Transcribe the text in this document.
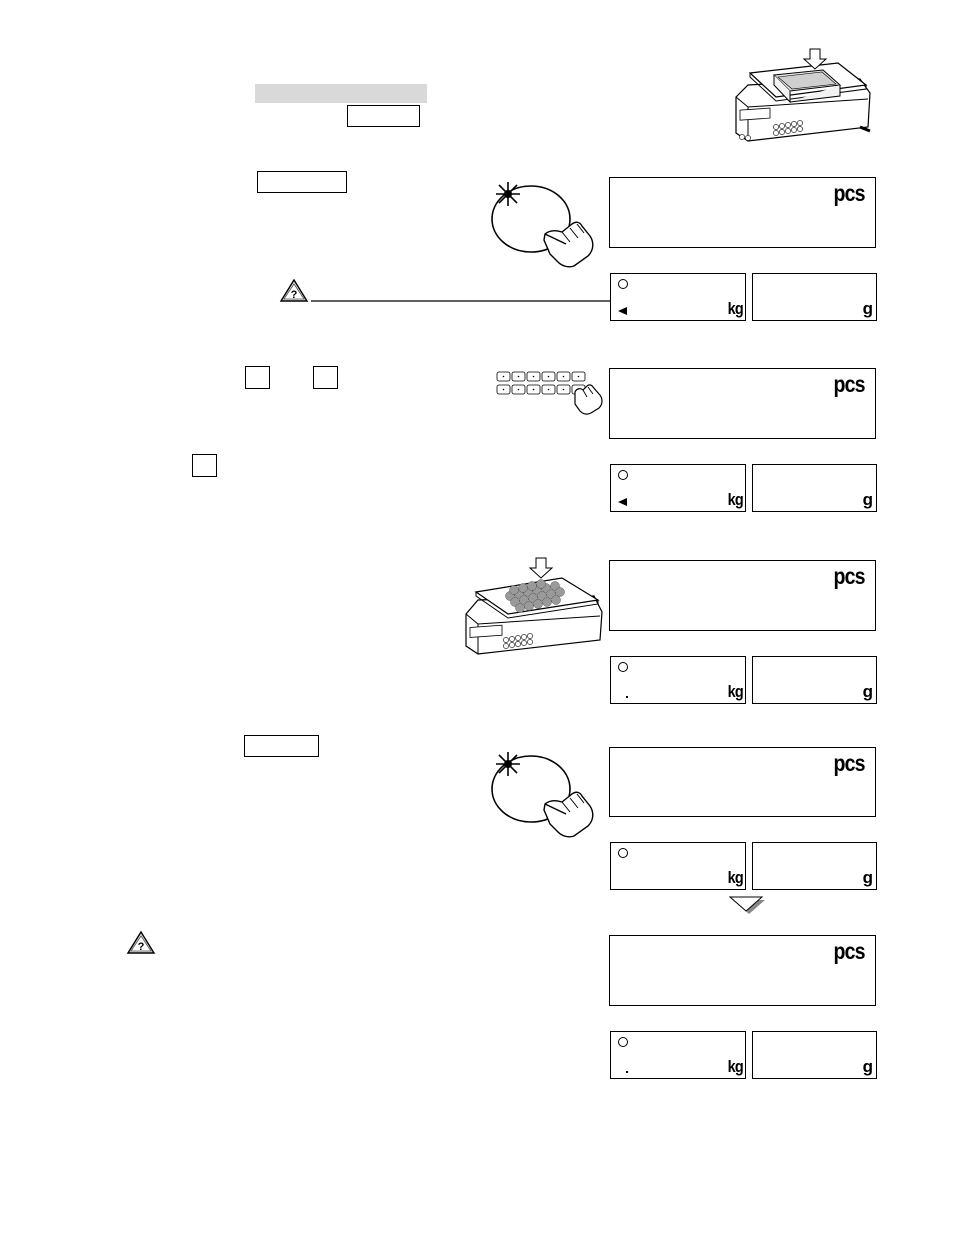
pcs
?
kg	g
pcs
kg	g
pcs
kg	g
pcs
kg	g
?	pcs
kg	g
